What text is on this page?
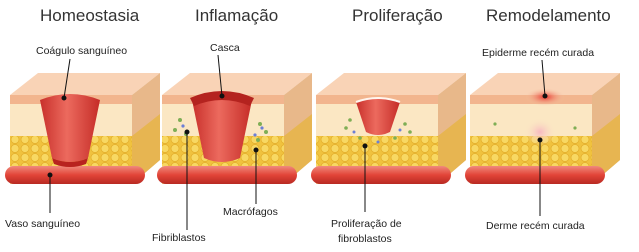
Homeostasia	Inflamação	Proliferação	Remodelamento
Coágulo sanguíneo
Vaso sanguíneo
Casca
Fibriblastos
Macrófagos
Proliferação de
fibroblastos
Epiderme recém curada
Derme recém curada
